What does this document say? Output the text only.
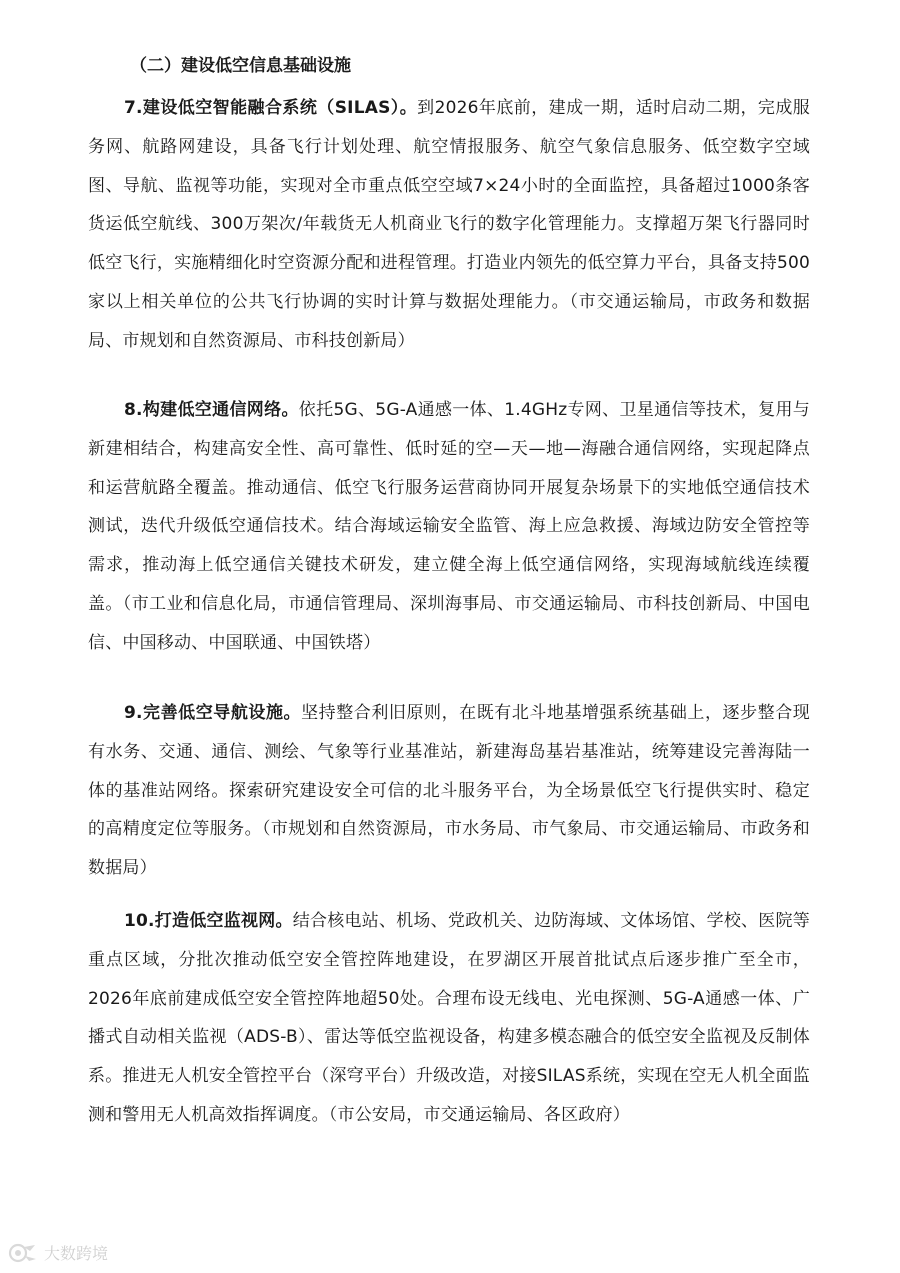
（二）建设低空信息基础设施

7.建设低空智能融合系统（SILAS）。到2026年底前，建成一期，适时启动二期，完成服务网、航路网建设，具备飞行计划处理、航空情报服务、航空气象信息服务、低空数字空域图、导航、监视等功能，实现对全市重点低空空域7×24小时的全面监控，具备超过1000条客货运低空航线、300万架次/年载货无人机商业飞行的数字化管理能力。支撑超万架飞行器同时低空飞行，实施精细化时空资源分配和进程管理。打造业内领先的低空算力平台，具备支持500家以上相关单位的公共飞行协调的实时计算与数据处理能力。（市交通运输局，市政务和数据局、市规划和自然资源局、市科技创新局）

8.构建低空通信网络。依托5G、5G-A通感一体、1.4GHz专网、卫星通信等技术，复用与新建相结合，构建高安全性、高可靠性、低时延的空—天—地—海融合通信网络，实现起降点和运营航路全覆盖。推动通信、低空飞行服务运营商协同开展复杂场景下的实地低空通信技术测试，迭代升级低空通信技术。结合海域运输安全监管、海上应急救援、海域边防安全管控等需求，推动海上低空通信关键技术研发，建立健全海上低空通信网络，实现海域航线连续覆盖。（市工业和信息化局，市通信管理局、深圳海事局、市交通运输局、市科技创新局、中国电信、中国移动、中国联通、中国铁塔）

9.完善低空导航设施。坚持整合利旧原则，在既有北斗地基增强系统基础上，逐步整合现有水务、交通、通信、测绘、气象等行业基准站，新建海岛基岩基准站，统筹建设完善海陆一体的基准站网络。探索研究建设安全可信的北斗服务平台，为全场景低空飞行提供实时、稳定的高精度定位等服务。（市规划和自然资源局，市水务局、市气象局、市交通运输局、市政务和数据局）

10.打造低空监视网。结合核电站、机场、党政机关、边防海域、文体场馆、学校、医院等重点区域，分批次推动低空安全管控阵地建设，在罗湖区开展首批试点后逐步推广至全市，2026年底前建成低空安全管控阵地超50处。合理布设无线电、光电探测、5G-A通感一体、广播式自动相关监视（ADS-B）、雷达等低空监视设备，构建多模态融合的低空安全监视及反制体系。推进无人机安全管控平台（深穹平台）升级改造，对接SILAS系统，实现在空无人机全面监测和警用无人机高效指挥调度。（市公安局，市交通运输局、各区政府）

大数跨境
